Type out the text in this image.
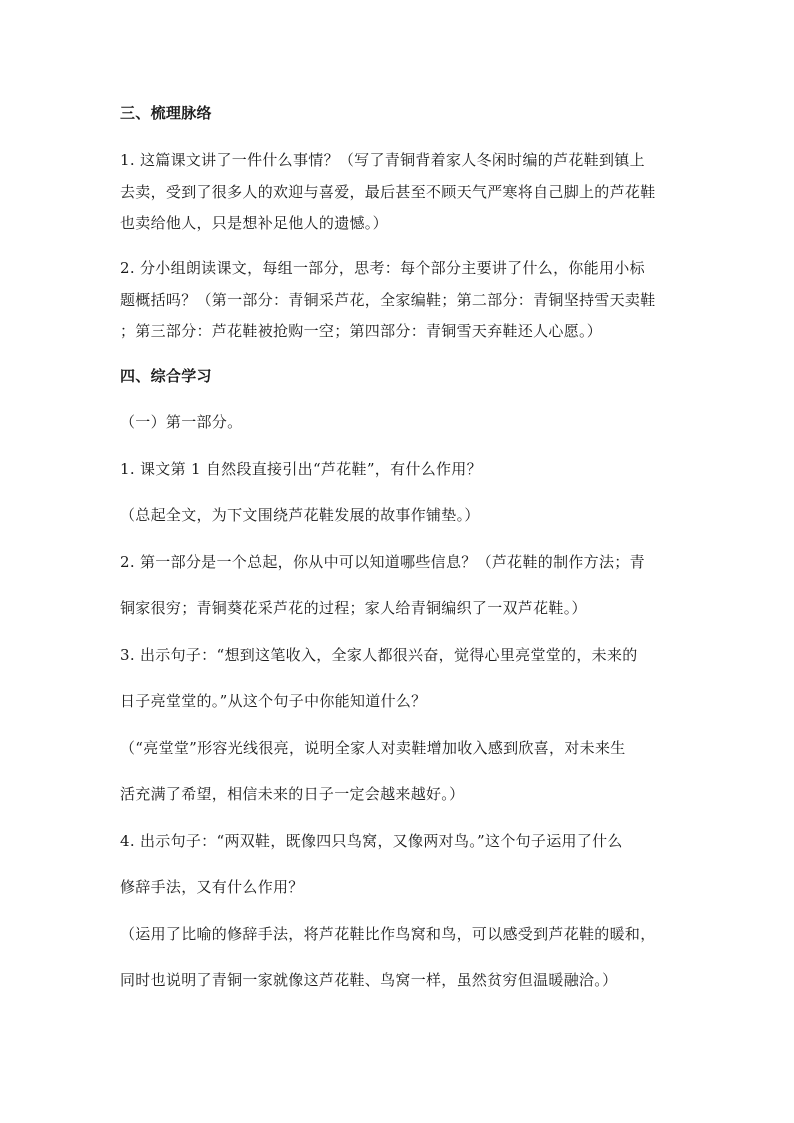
三、梳理脉络
1. 这篇课文讲了一件什么事情？（写了青铜背着家人冬闲时编的芦花鞋到镇上
去卖，受到了很多人的欢迎与喜爱，最后甚至不顾天气严寒将自己脚上的芦花鞋
也卖给他人，只是想补足他人的遗憾。）
2. 分小组朗读课文，每组一部分，思考：每个部分主要讲了什么，你能用小标
题概括吗？（第一部分：青铜采芦花，全家编鞋；第二部分：青铜坚持雪天卖鞋
；第三部分：芦花鞋被抢购一空；第四部分：青铜雪天弃鞋还人心愿。）
四、综合学习
（一）第一部分。
1. 课文第 1 自然段直接引出“芦花鞋”，有什么作用？
（总起全文，为下文围绕芦花鞋发展的故事作铺垫。）
2. 第一部分是一个总起，你从中可以知道哪些信息？（芦花鞋的制作方法；青
铜家很穷；青铜葵花采芦花的过程；家人给青铜编织了一双芦花鞋。）
3. 出示句子：“想到这笔收入，全家人都很兴奋，觉得心里亮堂堂的，未来的
日子亮堂堂的。”从这个句子中你能知道什么？
（“亮堂堂”形容光线很亮，说明全家人对卖鞋增加收入感到欣喜，对未来生
活充满了希望，相信未来的日子一定会越来越好。）
4. 出示句子：“两双鞋，既像四只鸟窝，又像两对鸟。”这个句子运用了什么
修辞手法，又有什么作用？
（运用了比喻的修辞手法，将芦花鞋比作鸟窝和鸟，可以感受到芦花鞋的暖和，
同时也说明了青铜一家就像这芦花鞋、鸟窝一样，虽然贫穷但温暖融洽。）
